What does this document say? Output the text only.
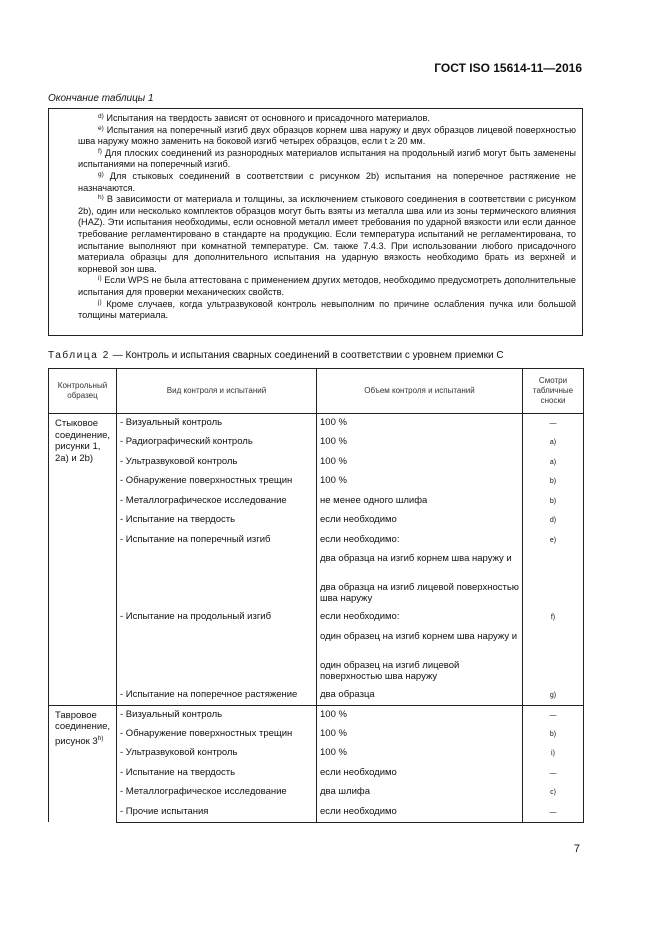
ГОСТ ISO 15614-11—2016
Окончание таблицы 1

$^{d)}$ Испытания на твердость зависят от основного и присадочного материалов.

$^{e)}$ Испытания на поперечный изгиб двух образцов корнем шва наружу и двух образцов лицевой поверхностью шва наружу можно заменить на боковой изгиб четырех образцов, если t ≥ 20 мм.

$^{f)}$ Для плоских соединений из разнородных материалов испытания на продольный изгиб могут быть заменены испытаниями на поперечный изгиб.

$^{g)}$ Для стыковых соединений в соответствии с рисунком 2b) испытания на поперечное растяжение не назначаются.

$^{h)}$ В зависимости от материала и толщины, за исключением стыкового соединения в соответствии с рисунком 2b), один или несколько комплектов образцов могут быть взяты из металла шва или из зоны термического влияния (HAZ). Эти испытания необходимы, если основной металл имеет требования по ударной вязкости или если данное требование регламентировано в стандарте на продукцию. Если температура испытаний не регламентирована, то испытание выполняют при комнатной температуре. См. также 7.4.3. При использовании любого присадочного материала образцы для дополнительного испытания на ударную вязкость необходимо брать из верхней и корневой зон шва.

$^{i)}$ Если WPS не была аттестована с применением других методов, необходимо предусмотреть дополнительные испытания для проверки механических свойств.

$^{j)}$ Кроме случаев, когда ультразвуковой контроль невыполним по причине ослабления пучка или большой толщины материала.

Таблица 2 — Контроль и испытания сварных соединений в соответствии с уровнем приемки С
Контрольный образец	Вид контроля и испытаний	Объем контроля и испытаний	Смотри табличные сноски
Стыковое соединение, рисунки 1, 2а) и 2b)	- Визуальный контроль	100 %	—
	- Радиографический контроль	100 %	a)
	- Ультразвуковой контроль	100 %	a)
	- Обнаружение поверхностных трещин	100 %	b)
	- Металлографическое исследование	не менее одного шлифа	b)
	- Испытание на твердость	если необходимо	d)
	- Испытание на поперечный изгиб	если необходимо:	e)
		два образца на изгиб корнем шва наружу и	
		два образца на изгиб лицевой поверхностью шва наружу	
	- Испытание на продольный изгиб	если необходимо:	f)
		один образец на изгиб корнем шва наружу и	
		один образец на изгиб лицевой поверхностью шва наружу	
	- Испытание на поперечное растяжение	два образца	g)
Тавровое соединение, рисунок 3$^{h)}$	- Визуальный контроль	100 %	—
	- Обнаружение поверхностных трещин	100 %	b)
	- Ультразвуковой контроль	100 %	i)
	- Испытание на твердость	если необходимо	—
	- Металлографическое исследование	два шлифа	c)
	- Прочие испытания	если необходимо	—
7
